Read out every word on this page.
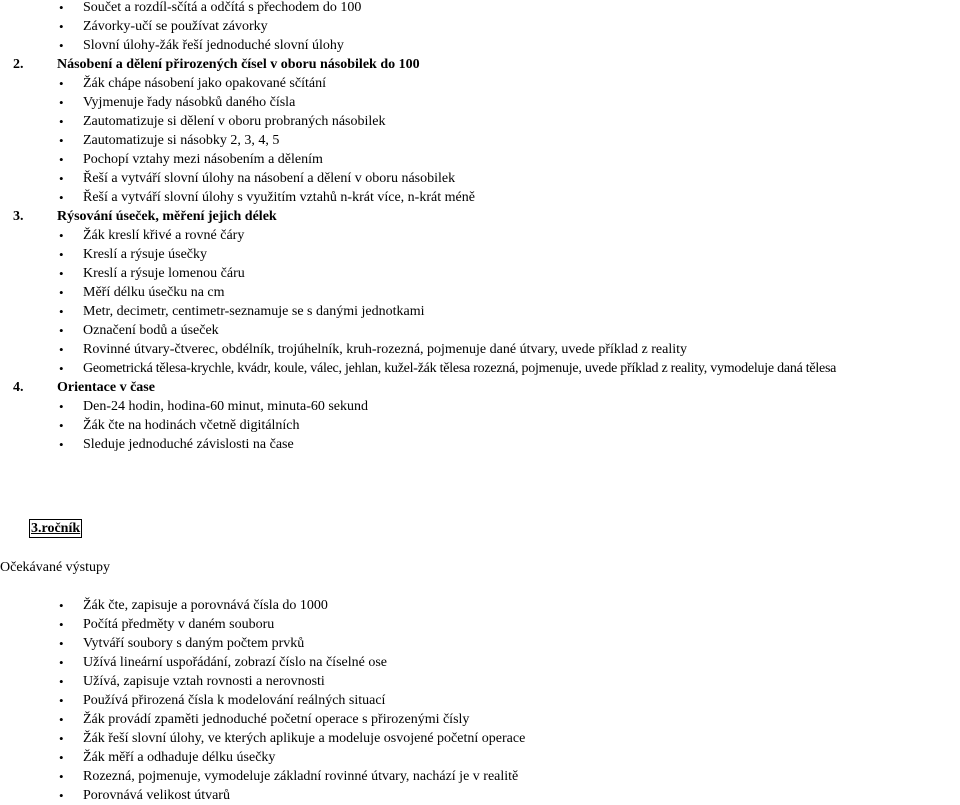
• Součet a rozdíl-sčítá a odčítá s přechodem do 100
• Závorky-učí se používat závorky
• Slovní úlohy-žák řeší jednoduché slovní úlohy
2. Násobení a dělení přirozených čísel v oboru násobilek do 100
• Žák chápe násobení jako opakované sčítání
• Vyjmenuje řady násobků daného čísla
• Zautomatizuje si dělení v oboru probraných násobilek
• Zautomatizuje si násobky 2, 3, 4, 5
• Pochopí vztahy mezi násobením a dělením
• Řeší a vytváří slovní úlohy na násobení a dělení v oboru násobilek
• Řeší a vytváří slovní úlohy s využitím vztahů n-krát více, n-krát méně
3. Rýsování úseček, měření jejich délek
• Žák kreslí křivé a rovné čáry
• Kreslí a rýsuje úsečky
• Kreslí a rýsuje lomenou čáru
• Měří délku úsečku na cm
• Metr, decimetr, centimetr-seznamuje se s danými jednotkami
• Označení bodů a úseček
• Rovinné útvary-čtverec, obdélník, trojúhelník, kruh-rozezná, pojmenuje dané útvary, uvede příklad z reality
• Geometrická tělesa-krychle, kvádr, koule, válec, jehlan, kužel-žák tělesa rozezná, pojmenuje, uvede příklad z reality, vymodeluje daná tělesa
4. Orientace v čase
• Den-24 hodin, hodina-60 minut, minuta-60 sekund
• Žák čte na hodinách včetně digitálních
• Sleduje jednoduché závislosti na čase
3.ročník
Očekávané výstupy
• Žák čte, zapisuje a porovnává čísla do 1000
• Počítá předměty v daném souboru
• Vytváří soubory s daným počtem prvků
• Užívá lineární uspořádání, zobrazí číslo na číselné ose
• Užívá, zapisuje vztah rovnosti a nerovnosti
• Používá přirozená čísla k modelování reálných situací
• Žák provádí zpaměti jednoduché početní operace s přirozenými čísly
• Žák řeší slovní úlohy, ve kterých aplikuje a modeluje osvojené početní operace
• Žák měří a odhaduje délku úsečky
• Rozezná, pojmenuje, vymodeluje základní rovinné útvary, nachází je v realitě
• Porovnává velikost útvarů
